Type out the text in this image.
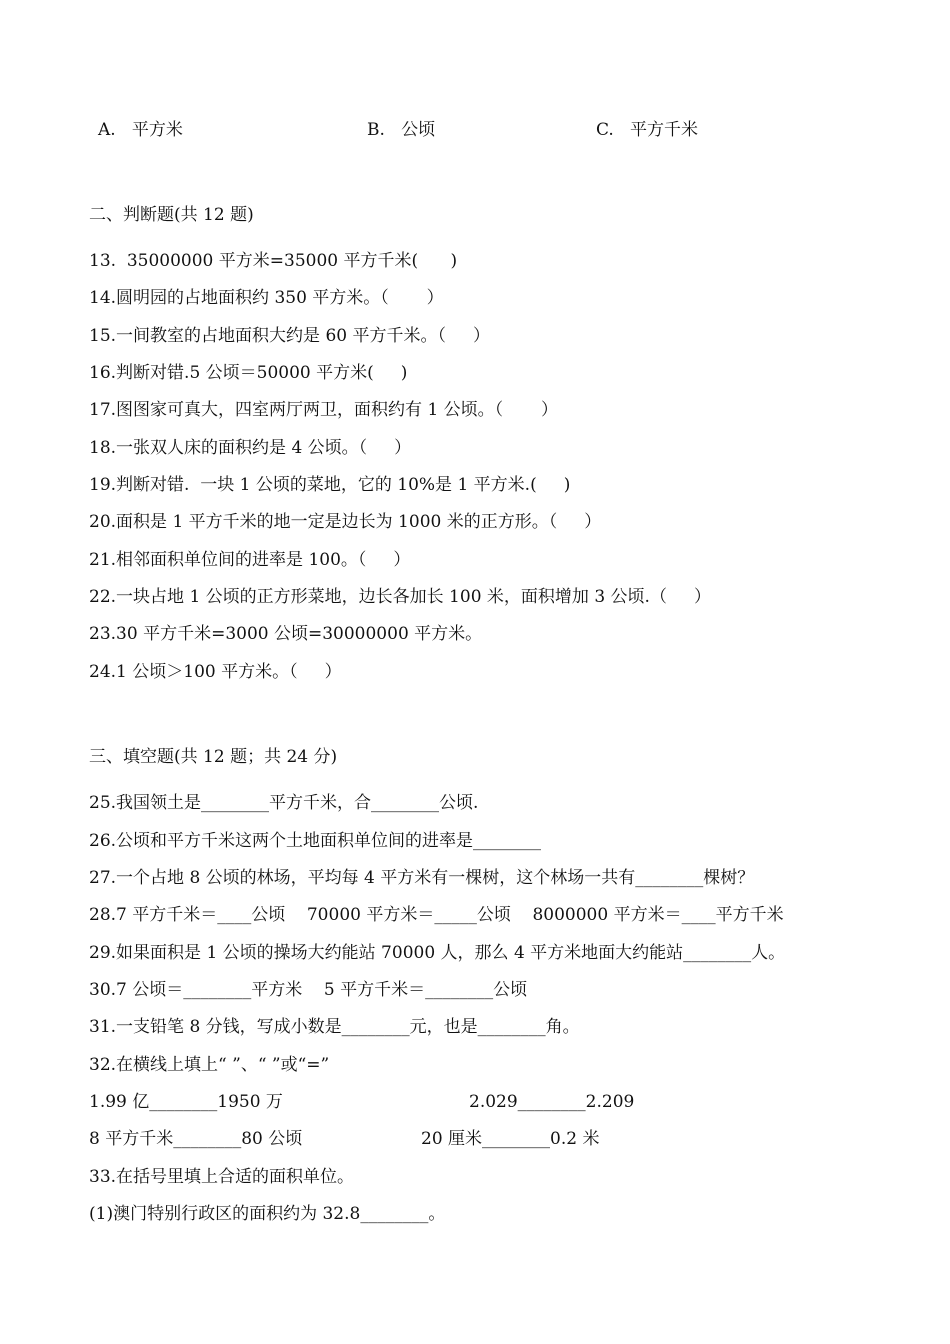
A.   平方米	B.   公顷	C.   平方千米
二、判断题(共 12 题)
13.  35000000 平方米=35000 平方千米(      )
14.圆明园的占地面积约 350 平方米。（       ）
15.一间教室的占地面积大约是 60 平方千米。（     ）
16.判断对错.5 公顷＝50000 平方米(     )
17.图图家可真大，四室两厅两卫，面积约有 1 公顷。（       ）
18.一张双人床的面积约是 4 公顷。（     ）
19.判断对错.  一块 1 公顷的菜地，它的 10%是 1 平方米.(     )
20.面积是 1 平方千米的地一定是边长为 1000 米的正方形。（     ）
21.相邻面积单位间的进率是 100。（     ）
22.一块占地 1 公顷的正方形菜地，边长各加长 100 米，面积增加 3 公顷.（     ）
23.30 平方千米=3000 公顷=30000000 平方米。
24.1 公顷＞100 平方米。（     ）
三、填空题(共 12 题；共 24 分)
25.我国领土是________平方千米，合________公顷.
26.公顷和平方千米这两个土地面积单位间的进率是________
27.一个占地 8 公顷的林场，平均每 4 平方米有一棵树，这个林场一共有________棵树？
28.7 平方千米＝____公顷    70000 平方米＝_____公顷    8000000 平方米＝____平方千米
29.如果面积是 1 公顷的操场大约能站 70000 人，那么 4 平方米地面大约能站________人。
30.7 公顷＝________平方米    5 平方千米＝________公顷
31.一支铅笔 8 分钱，写成小数是________元，也是________角。
32.在横线上填上“ ”、“ ”或“=”
1.99 亿________1950 万	2.029________2.209
8 平方千米________80 公顷	20 厘米________0.2 米
33.在括号里填上合适的面积单位。
(1)澳门特别行政区的面积约为 32.8________。
